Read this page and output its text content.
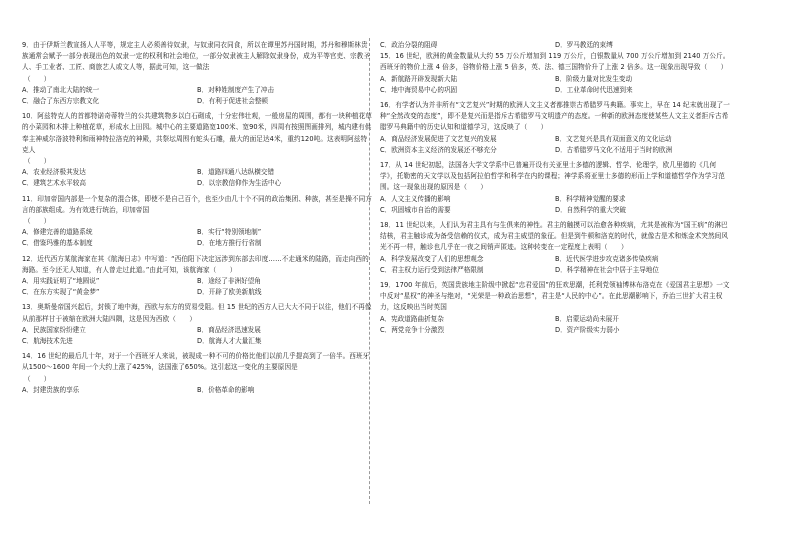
9．由于伊斯兰教宣扬人人平等，规定主人必须善待奴隶，与奴隶同衣同食，所以在谭里苏丹国时期，苏丹和穆斯林贵族通常会赋予一部分表现出色的奴隶一定的权利和社会地位，一部分奴隶被主人解除奴隶身份，成为平等官吏、宗教圣人、手工业者、工匠、商旅艺人或文人等，据此可知，这一做法

（　　）
A．推动了南北大陆的统一	B．对种姓制度产生了冲击
C．融合了东西方宗教文化	D．有利于促进社会整顿

10．阿兹特克人的首都特诺奇蒂特兰的公共建筑物多以白石砌成，十分宏伟壮观，一般房屋的周围，都有一块种植花草的小菜园和木排上种植花草，形成水上田园。城中心的主要道路宽100米、宽90米，四周有按照图画排列，城内建有供奉主神威尔洛波特利和雨神特拉洛克的神殿，共祭坛周围有蛇头石雕，最大的面足达4米，重约120吨。这表明阿兹特克人

（　　）
A．农业经济极其发达	B．道路四通八达纵横交错
C．建筑艺术水平较高	D．以宗教信仰作为生活中心

11．印加帝国内部是一个复杂的混合体，即使不是自己百个，也至少由几十个不同的政治集团、种族，甚至是操不同方言的部族组成。为有效进行统治，印加帝国

（　　）
A．修建完善的道路系统	B．实行“特别领地制”
C．借鉴玛雅的基本制度	D．在地方推行行省制

12．近代西方某航海家在其《航海日志》中写道：“西伯阳下决定远涉到东部去印度……不走通米的陆路，而走向西的海路。至今还无人知道，有人曾走过此道。”由此可知，该航海家（　　）

A．用实践证明了“地圆说”	B．途经了非洲好望角
C．在东方实现了“黄金梦”	D．开辟了欧美新航线

13．奥斯曼帝国兴起后，封锁了地中海，西欧与东方的贸易受阻。但 15 世纪的西方人已大大不同于以往，他们不再像从前那样甘于被缩在欧洲大陆四隅，这是因为西欧（　　）

A．民族国家纷纷建立	B．商品经济迅速发展
C．航海技术先进	D．航海人才大量汇集

14．16 世纪的最后几十年，对于一个西班牙人来说，被现成一种不可的价格比他们以前几乎提高到了一倍半。西班牙从1500～1600 年间一个大约上涨了425%，法国涨了650%。这引起这一变化的主要原因是

（　　）
A．封建贵族的享乐	B．价格革命的影响
C．政治分裂的阻碍	D．罗马教廷的束缚

15．16 世纪，欧洲的黄金数量从大约 55 万公斤增加到 119 万公斤，白银数量从 700 万公斤增加到 2140 万公斤。西班牙的物价上涨 4 倍多，谷物价格上涨 5 倍多，英、法、德三国物价升了上涨 2 倍多。这一现象出现导致（　　）

A．新航路开辟发现新大陆	B．阶级力量对比发生变动
C．地中海贸易中心的巩固	D．工业革命时代迅速到来

16．有学者认为并非所有“文艺复兴”时期的欧洲人文主义者都推崇古希腊罗马典籍。事实上，早在 14 纪末就出现了一种“全然改变的态度”，即不是复兴而是指斥古希腊罗马文明遗产的态度。一种新的欧洲态度使某些人文主义者拒斥古希腊罗马典籍中的历史认知和道德学习，这反映了（　　）

A．商品经济发展促进了文艺复兴的发展	B．文艺复兴是具有双面意义的文化运动
C．欧洲资本主义经济的发展还不够充分	D．古希腊罗马文化不适用于当时的欧洲

17．从 14 世纪初起，法国各大学文学系中已普遍开设有关亚里士多德的逻辑、哲学、伦理学，欧几里德的《几何学》，托勒密的天文学以及包括阿拉伯哲学和科学在内的课程；神学系将亚里士多德的形而上学和道德哲学作为学习范围。这一现象出现的原因是（　　）

A．人文主义传播的影响	B．科学精神觉醒的要求
C．巩固城市自治的需要	D．自然科学的重大突破

18．11 世纪以来，人们认为君主具有与生俱来的神性。君主的触摸可以治愈各种疾病，尤其是被称为“国王病”的淋巴结核，君主触诊成为备受信赖的仪式，成为君主威望的象征。但是到牛顿和洛克的时代，就像古是术和炼金术突然间风光不再一样，触诊也几乎在一夜之间销声匿迹。这种转变在一定程度上表明（　　）

A．科学发展改变了人们的思想观念	B．近代医学进步攻克诸多传染疾病
C．君主权力运行受到法律严格限制	D．科学精神在社会中居于主导地位

19．1700 年前后，英国贵族地主阶级中掀起“忠君爱国”的狂欢思潮，托利党领袖博林布洛克在《爱国君主思想》一文中反对“星权”的神圣与绝对，“光荣是一种政治思想”，君主是“人民的中心”。在此思潮影响下，乔治三世扩大君主权力，这反映出当时英国

A．宪政道路曲折复杂	B．启蒙运动尚未展开
C．两党竞争十分激烈	D．资产阶级实力弱小
